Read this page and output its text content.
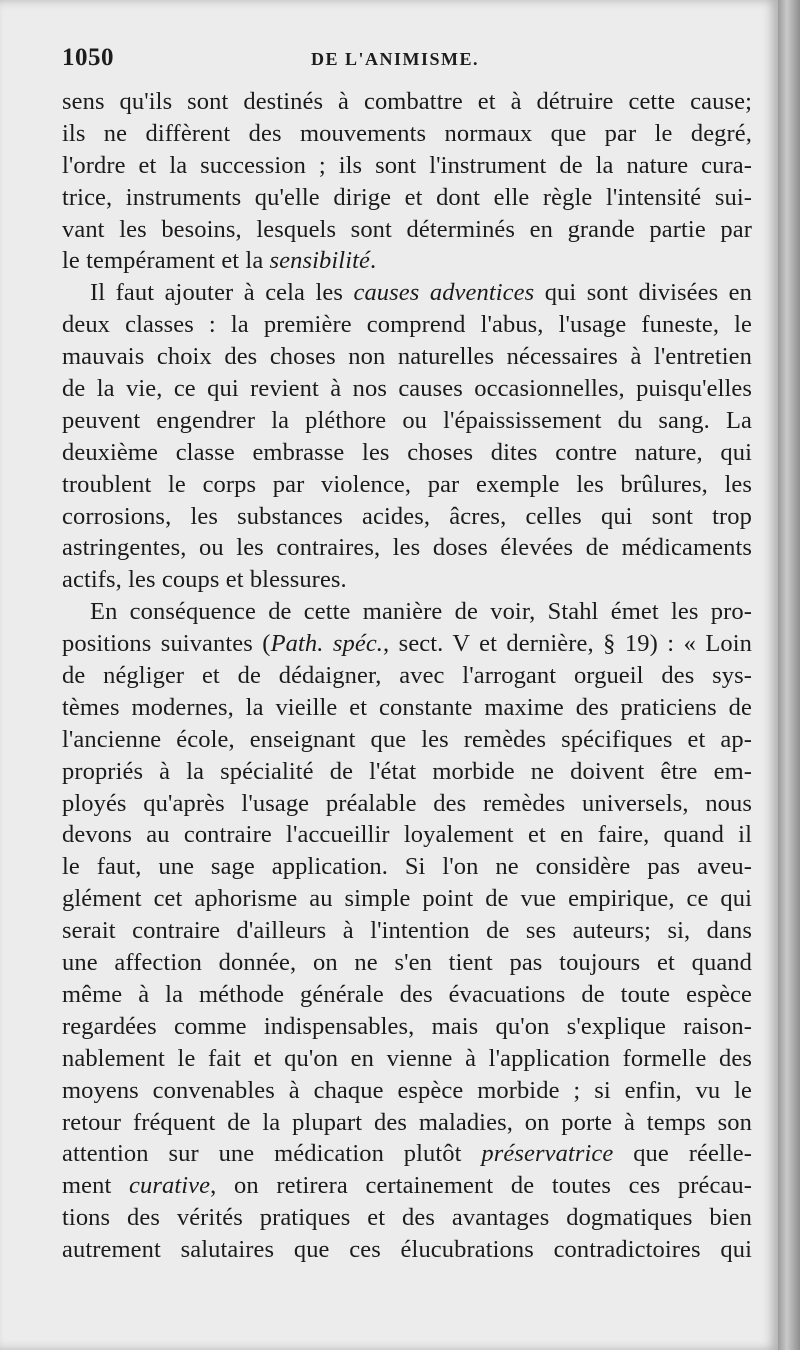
1050	DE L'ANIMISME.
sens qu'ils sont destinés à combattre et à détruire cette cause;
ils ne diffèrent des mouvements normaux que par le degré,
l'ordre et la succession ; ils sont l'instrument de la nature cura-
trice, instruments qu'elle dirige et dont elle règle l'intensité sui-
vant les besoins, lesquels sont déterminés en grande partie par
le tempérament et la sensibilité.
Il faut ajouter à cela les causes adventices qui sont divisées en
deux classes : la première comprend l'abus, l'usage funeste, le
mauvais choix des choses non naturelles nécessaires à l'entretien
de la vie, ce qui revient à nos causes occasionnelles, puisqu'elles
peuvent engendrer la pléthore ou l'épaississement du sang. La
deuxième classe embrasse les choses dites contre nature, qui
troublent le corps par violence, par exemple les brûlures, les
corrosions, les substances acides, âcres, celles qui sont trop
astringentes, ou les contraires, les doses élevées de médicaments
actifs, les coups et blessures.
En conséquence de cette manière de voir, Stahl émet les pro-
positions suivantes (Path. spéc., sect. V et dernière, § 19) : « Loin
de négliger et de dédaigner, avec l'arrogant orgueil des sys-
tèmes modernes, la vieille et constante maxime des praticiens de
l'ancienne école, enseignant que les remèdes spécifiques et ap-
propriés à la spécialité de l'état morbide ne doivent être em-
ployés qu'après l'usage préalable des remèdes universels, nous
devons au contraire l'accueillir loyalement et en faire, quand il
le faut, une sage application. Si l'on ne considère pas aveu-
glément cet aphorisme au simple point de vue empirique, ce qui
serait contraire d'ailleurs à l'intention de ses auteurs; si, dans
une affection donnée, on ne s'en tient pas toujours et quand
même à la méthode générale des évacuations de toute espèce
regardées comme indispensables, mais qu'on s'explique raison-
nablement le fait et qu'on en vienne à l'application formelle des
moyens convenables à chaque espèce morbide ; si enfin, vu le
retour fréquent de la plupart des maladies, on porte à temps son
attention sur une médication plutôt préservatrice que réelle-
ment curative, on retirera certainement de toutes ces précau-
tions des vérités pratiques et des avantages dogmatiques bien
autrement salutaires que ces élucubrations contradictoires qui
